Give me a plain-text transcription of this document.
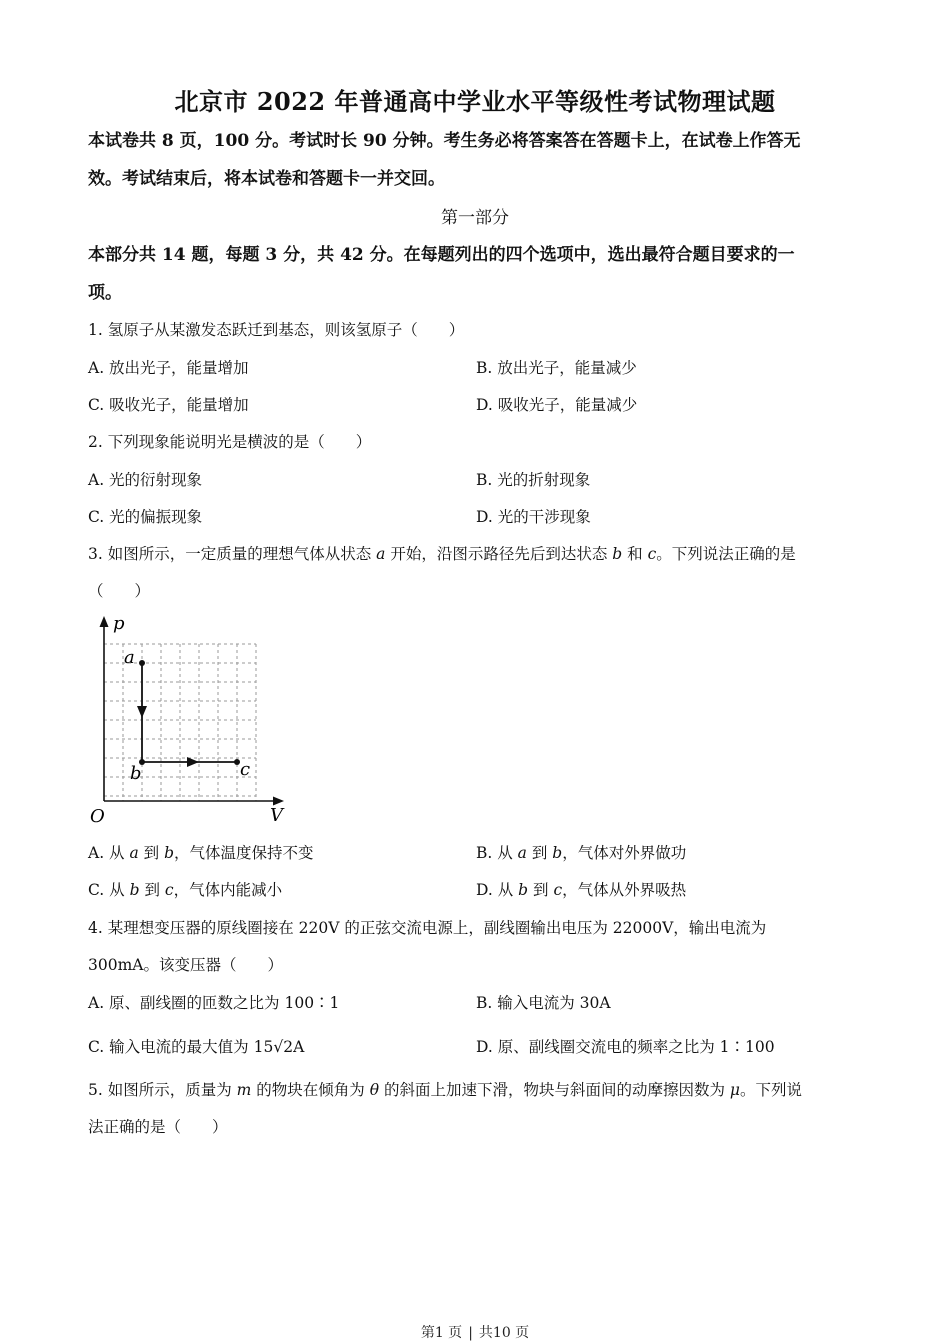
北京市 2022 年普通高中学业水平等级性考试物理试题
本试卷共 8 页，100 分。考试时长 90 分钟。考生务必将答案答在答题卡上，在试卷上作答无
效。考试结束后，将本试卷和答题卡一并交回。
第一部分
本部分共 14 题，每题 3 分，共 42 分。在每题列出的四个选项中，选出最符合题目要求的一
项。
1. 氢原子从某激发态跃迁到基态，则该氢原子（　　）
A. 放出光子，能量增加	B. 放出光子，能量减少
C. 吸收光子，能量增加	D. 吸收光子，能量减少
2. 下列现象能说明光是横波的是（　　）
A. 光的衍射现象	B. 光的折射现象
C. 光的偏振现象	D. 光的干涉现象
3. 如图所示，一定质量的理想气体从状态 a 开始，沿图示路径先后到达状态 b 和 c。下列说法正确的是
（　　）
p
a
b	c
O	V
A. 从 a 到 b，气体温度保持不变	B. 从 a 到 b，气体对外界做功
C. 从 b 到 c，气体内能减小	D. 从 b 到 c，气体从外界吸热
4. 某理想变压器的原线圈接在 220V 的正弦交流电源上，副线圈输出电压为 22000V，输出电流为
300mA。该变压器（　　）
A. 原、副线圈的匝数之比为 100∶1	B. 输入电流为 30A
C. 输入电流的最大值为 15√2A	D. 原、副线圈交流电的频率之比为 1∶100
5. 如图所示，质量为 m 的物块在倾角为 θ 的斜面上加速下滑，物块与斜面间的动摩擦因数为 μ。下列说
法正确的是（　　）
第1 页 | 共10 页
